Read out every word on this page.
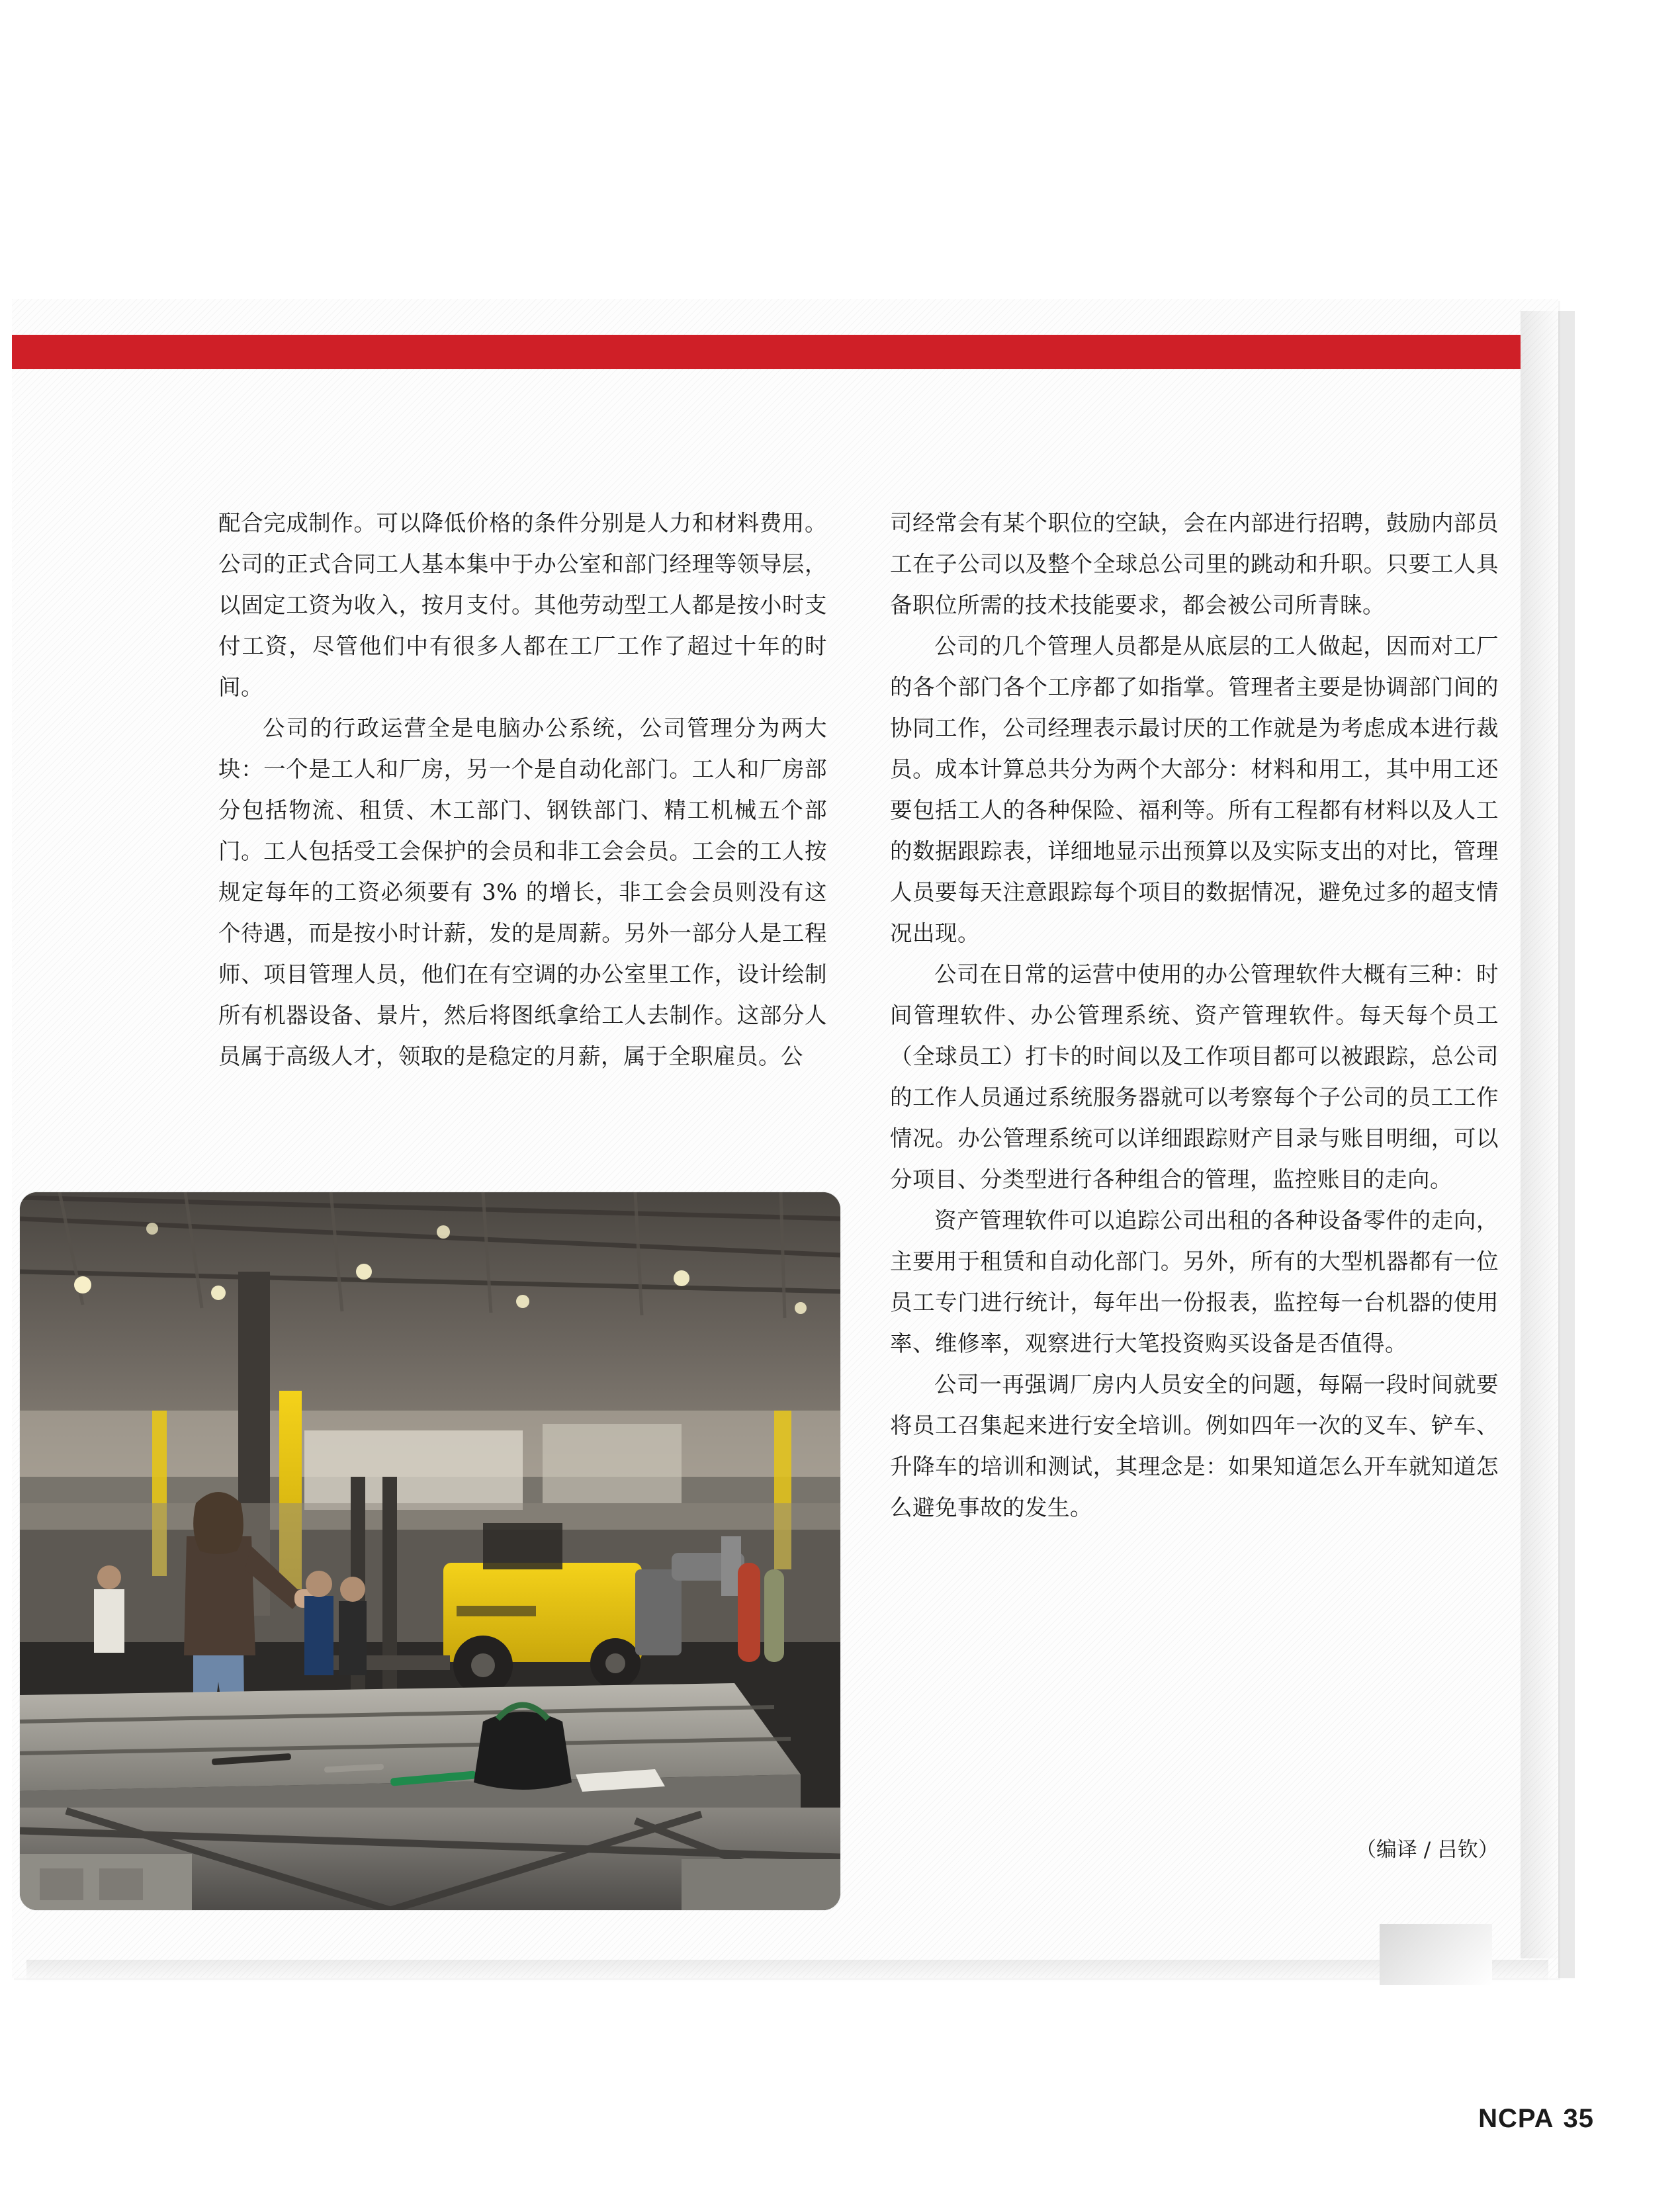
配合完成制作。可以降低价格的条件分别是人力和材料费用。公司的正式合同工人基本集中于办公室和部门经理等领导层，以固定工资为收入，按月支付。其他劳动型工人都是按小时支付工资，尽管他们中有很多人都在工厂工作了超过十年的时间。

公司的行政运营全是电脑办公系统，公司管理分为两大块：一个是工人和厂房，另一个是自动化部门。工人和厂房部分包括物流、租赁、木工部门、钢铁部门、精工机械五个部门。工人包括受工会保护的会员和非工会会员。工会的工人按规定每年的工资必须要有 3% 的增长，非工会会员则没有这个待遇，而是按小时计薪，发的是周薪。另外一部分人是工程师、项目管理人员，他们在有空调的办公室里工作，设计绘制所有机器设备、景片，然后将图纸拿给工人去制作。这部分人员属于高级人才，领取的是稳定的月薪，属于全职雇员。公

司经常会有某个职位的空缺，会在内部进行招聘，鼓励内部员工在子公司以及整个全球总公司里的跳动和升职。只要工人具备职位所需的技术技能要求，都会被公司所青睐。

公司的几个管理人员都是从底层的工人做起，因而对工厂的各个部门各个工序都了如指掌。管理者主要是协调部门间的协同工作，公司经理表示最讨厌的工作就是为考虑成本进行裁员。成本计算总共分为两个大部分：材料和用工，其中用工还要包括工人的各种保险、福利等。所有工程都有材料以及人工的数据跟踪表，详细地显示出预算以及实际支出的对比，管理人员要每天注意跟踪每个项目的数据情况，避免过多的超支情况出现。

公司在日常的运营中使用的办公管理软件大概有三种：时间管理软件、办公管理系统、资产管理软件。每天每个员工（全球员工）打卡的时间以及工作项目都可以被跟踪，总公司的工作人员通过系统服务器就可以考察每个子公司的员工工作情况。办公管理系统可以详细跟踪财产目录与账目明细，可以分项目、分类型进行各种组合的管理，监控账目的走向。

资产管理软件可以追踪公司出租的各种设备零件的走向，主要用于租赁和自动化部门。另外，所有的大型机器都有一位员工专门进行统计，每年出一份报表，监控每一台机器的使用率、维修率，观察进行大笔投资购买设备是否值得。

公司一再强调厂房内人员安全的问题，每隔一段时间就要将员工召集起来进行安全培训。例如四年一次的叉车、铲车、升降车的培训和测试，其理念是：如果知道怎么开车就知道怎么避免事故的发生。

（编译 / 吕钦）
NCPA 35
